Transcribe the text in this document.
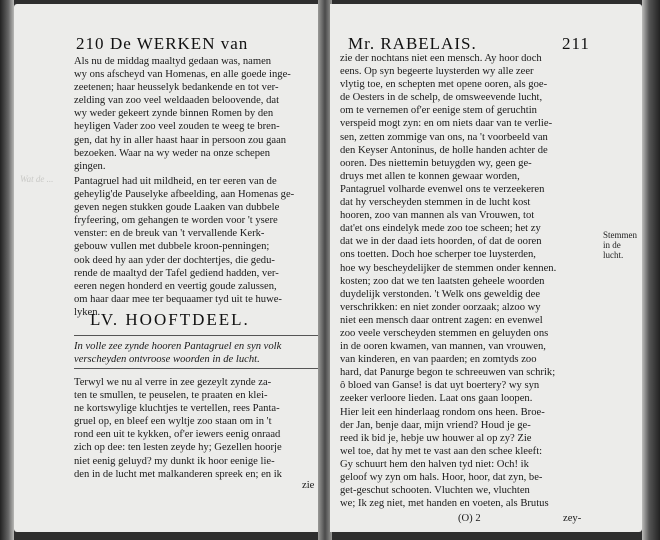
210 De WERKEN van
Als nu de middag maaltyd gedaan was, namen
wy ons afscheyd van Homenas, en alle goede inge-
zeetenen; haar heusselyk bedankende en tot ver-
zelding van zoo veel weldaaden beloovende, dat
wy weder gekeert zynde binnen Romen by den
heyligen Vader zoo veel zouden te weeg te bren-
gen, dat hy in aller haast haar in persoon zou gaan
bezoeken. Waar na wy weder na onze schepen
gingen.
Pantagruel had uit mildheid, en ter eeren van de
geheylig'de Pauselyke afbeelding, aan Homenas ge-
geven negen stukken goude Laaken van dubbele
fryfeering, om gehangen te worden voor 't ysere
venster: en de breuk van 't vervallende Kerk-
gebouw vullen met dubbele kroon-penningen;
ook deed hy aan yder der dochtertjes, die gedu-
rende de maaltyd der Tafel gediend hadden, ver-
eeren negen honderd en veertig goude zalussen,
om haar daar mee ter bequaamer tyd uit te huwe-
lyken.
LV. HOOFTDEEL.
In volle zee zynde hooren Pantagruel en syn volk
verscheyden ontvroose woorden in de lucht.
Terwyl we nu al verre in zee gezeylt zynde za-
ten te smullen, te peuselen, te praaten en klei-
ne kortswylige kluchtjes te vertellen, rees Panta-
gruel op, en bleef een wyltje zoo staan om in 't
rond een uit te kykken, of'er iewers eenig onraad
zich op dee: ten lesten zeyde hy; Gezellen hoorje
niet eenig geluyd? my dunkt ik hoor eenige lie-
den in de lucht met malkanderen spreek en; en ik
zie
Wat de ...
Mr. RABELAIS.	211
zie der nochtans niet een mensch. Ay hoor doch
eens. Op syn begeerte luysterden wy alle zeer
vlytig toe, en schepten met opene ooren, als goe-
de Oesters in de schelp, de omsweevende lucht,
om te vernemen of'er eenige stem of geruchtin
verspeid mogt zyn: en om niets daar van te verlie-
sen, zetten zommige van ons, na 't voorbeeld van
den Keyser Antoninus, de holle handen achter de
ooren. Des niettemin betuygden wy, geen ge-
druys met allen te konnen gewaar worden,
Pantagruel volharde evenwel ons te verzeekeren
dat hy verscheyden stemmen in de lucht kost
hooren, zoo van mannen als van Vrouwen, tot
dat'et ons eindelyk mede zoo toe scheen; het zy
dat we in der daad iets hoorden, of dat de ooren
ons toetten. Doch hoe scherper toe luysterden,
hoe wy bescheydelijker de stemmen onder kennen.
kosten; zoo dat we ten laatsten geheele woorden
duydelijk verstonden. 't Welk ons geweldig dee
verschrikken: en niet zonder oorzaak; alzoo wy
niet een mensch daar ontrent zagen: en evenwel
zoo veele verscheyden stemmen en geluyden ons
in de ooren kwamen, van mannen, van vrouwen,
van kinderen, en van paarden; en zomtyds zoo
hard, dat Panurge begon te schreeuwen van schrik;
ô bloed van Ganse! is dat uyt boertery? wy syn
zeeker verloore lieden. Laat ons gaan loopen.
Hier leit een hinderlaag rondom ons heen. Broe-
der Jan, benje daar, mijn vriend? Houd je ge-
reed ik bid je, hebje uw houwer al op zy? Zie
wel toe, dat hy met te vast aan den schee kleeft:
Gy schuurt hem den halven tyd niet: Och! ik
geloof wy zyn om hals. Hoor, hoor, dat zyn, be-
get-geschut schooten. Vluchten we, vluchten
we; Ik zeg niet, met handen en voeten, als Brutus
Stemmen
in de
lucht.
(O) 2	zey-
